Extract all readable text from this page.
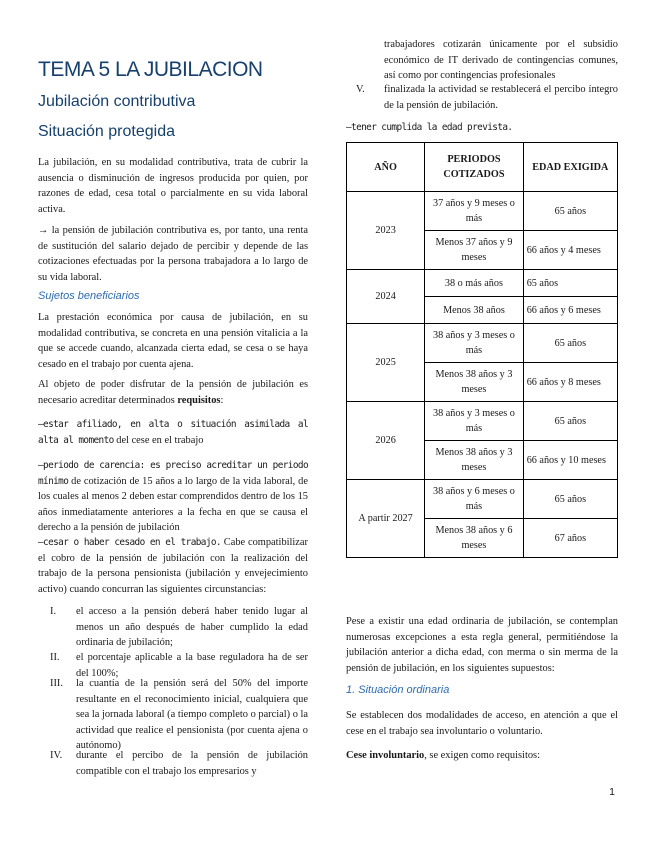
TEMA 5 LA JUBILACION
Jubilación contributiva
Situación protegida
La jubilación, en su modalidad contributiva, trata de cubrir la ausencia o disminución de ingresos producida por quien, por razones de edad, cesa total o parcialmente en su vida laboral activa.
→ la pensión de jubilación contributiva es, por tanto, una renta de sustitución del salario dejado de percibir y depende de las cotizaciones efectuadas por la persona trabajadora a lo largo de su vida laboral.
Sujetos beneficiarios
La prestación económica por causa de jubilación, en su modalidad contributiva, se concreta en una pensión vitalicia a la que se accede cuando, alcanzada cierta edad, se cesa o se haya cesado en el trabajo por cuenta ajena.
Al objeto de poder disfrutar de la pensión de jubilación es necesario acreditar determinados requisitos:
—estar afiliado, en alta o situación asimilada al alta al momento del cese en el trabajo
—periodo de carencia: es preciso acreditar un periodo mínimo de cotización de 15 años a lo largo de la vida laboral, de los cuales al menos 2 deben estar comprendidos dentro de los 15 años inmediatamente anteriores a la fecha en que se causa el derecho a la pensión de jubilación
—cesar o haber cesado en el trabajo. Cabe compatibilizar el cobro de la pensión de jubilación con la realización del trabajo de la persona pensionista (jubilación y envejecimiento activo) cuando concurran las siguientes circunstancias:
I. el acceso a la pensión deberá haber tenido lugar al menos un año después de haber cumplido la edad ordinaria de jubilación;
II. el porcentaje aplicable a la base reguladora ha de ser del 100%;
III. la cuantía de la pensión será del 50% del importe resultante en el reconocimiento inicial, cualquiera que sea la jornada laboral (a tiempo completo o parcial) o la actividad que realice el pensionista (por cuenta ajena o autónomo)
IV. durante el percibo de la pensión de jubilación compatible con el trabajo los empresarios y
trabajadores cotizarán únicamente por el subsidio económico de IT derivado de contingencias comunes, así como por contingencias profesionales
V. finalizada la actividad se restablecerá el percibo íntegro de la pensión de jubilación.
—tener cumplida la edad prevista.
AÑO	PERIODOS COTIZADOS	EDAD EXIGIDA
2023	37 años y 9 meses o más	65 años
	Menos 37 años y 9 meses	66 años y 4 meses
2024	38 o más años	65 años
	Menos 38 años	66 años y 6 meses
2025	38 años y 3 meses o más	65 años
	Menos 38 años y 3 meses	66 años y 8 meses
2026	38 años y 3 meses o más	65 años
	Menos 38 años y 3 meses	66 años y 10 meses
A partir 2027	38 años y 6 meses o más	65 años
	Menos 38 años y 6 meses	67 años
Pese a existir una edad ordinaria de jubilación, se contemplan numerosas excepciones a esta regla general, permitiéndose la jubilación anterior a dicha edad, con merma o sin merma de la pensión de jubilación, en los siguientes supuestos:
1. Situación ordinaria
Se establecen dos modalidades de acceso, en atención a que el cese en el trabajo sea involuntario o voluntario.
Cese involuntario, se exigen como requisitos:
1
